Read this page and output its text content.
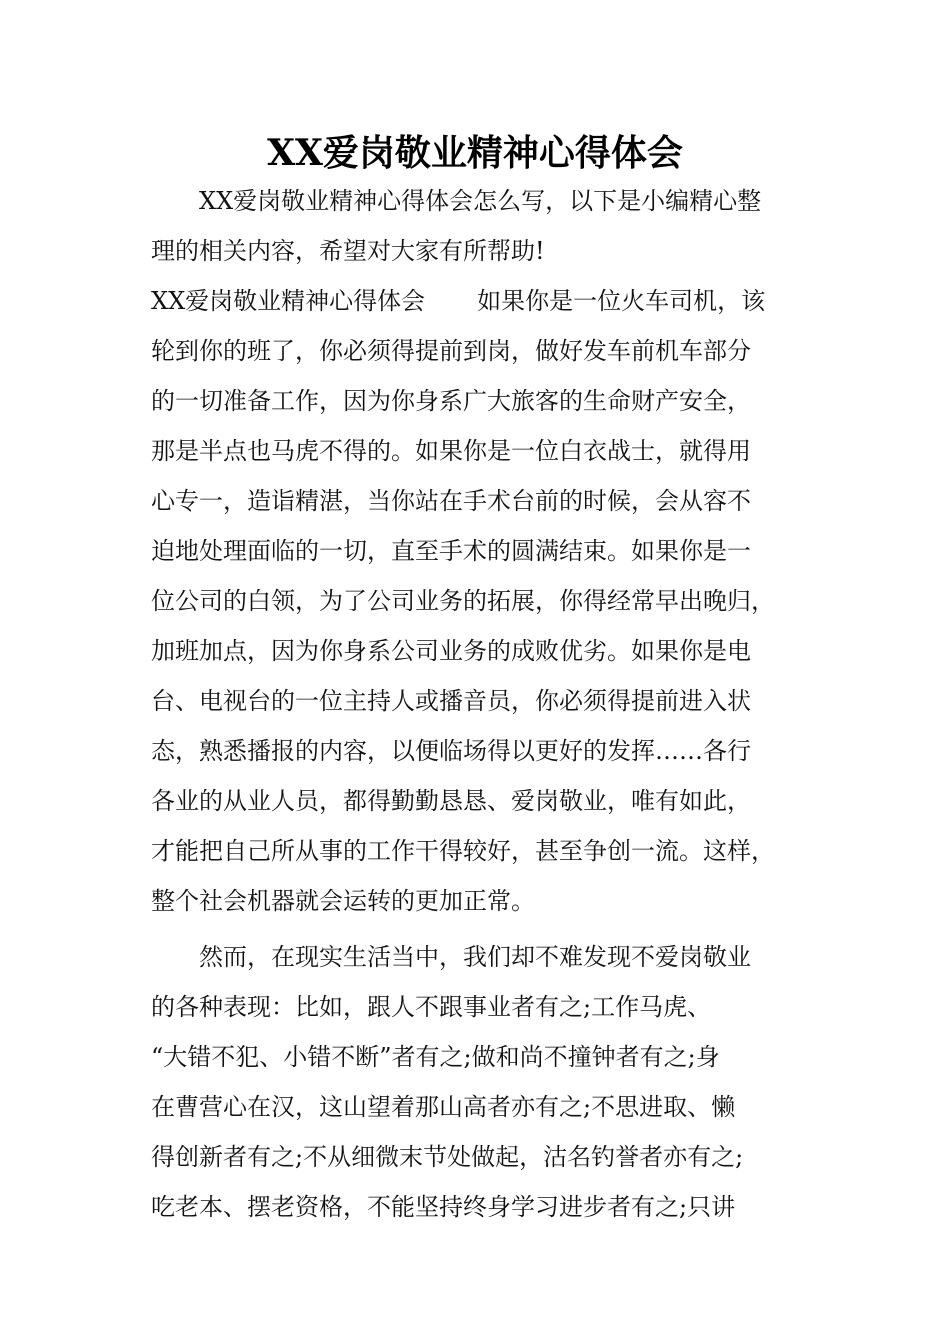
XX爱岗敬业精神心得体会
XX爱岗敬业精神心得体会怎么写，以下是小编精心整
理的相关内容，希望对大家有所帮助!
XX爱岗敬业精神心得体会 如果你是一位火车司机，该
轮到你的班了，你必须得提前到岗，做好发车前机车部分
的一切准备工作，因为你身系广大旅客的生命财产安全，
那是半点也马虎不得的。如果你是一位白衣战士，就得用
心专一，造诣精湛，当你站在手术台前的时候，会从容不
迫地处理面临的一切，直至手术的圆满结束。如果你是一
位公司的白领，为了公司业务的拓展，你得经常早出晚归，
加班加点，因为你身系公司业务的成败优劣。如果你是电
台、电视台的一位主持人或播音员，你必须得提前进入状
态，熟悉播报的内容，以便临场得以更好的发挥……各行
各业的从业人员，都得勤勤恳恳、爱岗敬业，唯有如此，
才能把自己所从事的工作干得较好，甚至争创一流。这样，
整个社会机器就会运转的更加正常。
然而，在现实生活当中，我们却不难发现不爱岗敬业
的各种表现：比如，跟人不跟事业者有之;工作马虎、
“大错不犯、小错不断”者有之;做和尚不撞钟者有之;身
在曹营心在汉，这山望着那山高者亦有之;不思进取、懒
得创新者有之;不从细微末节处做起，沽名钓誉者亦有之;
吃老本、摆老资格，不能坚持终身学习进步者有之;只讲
